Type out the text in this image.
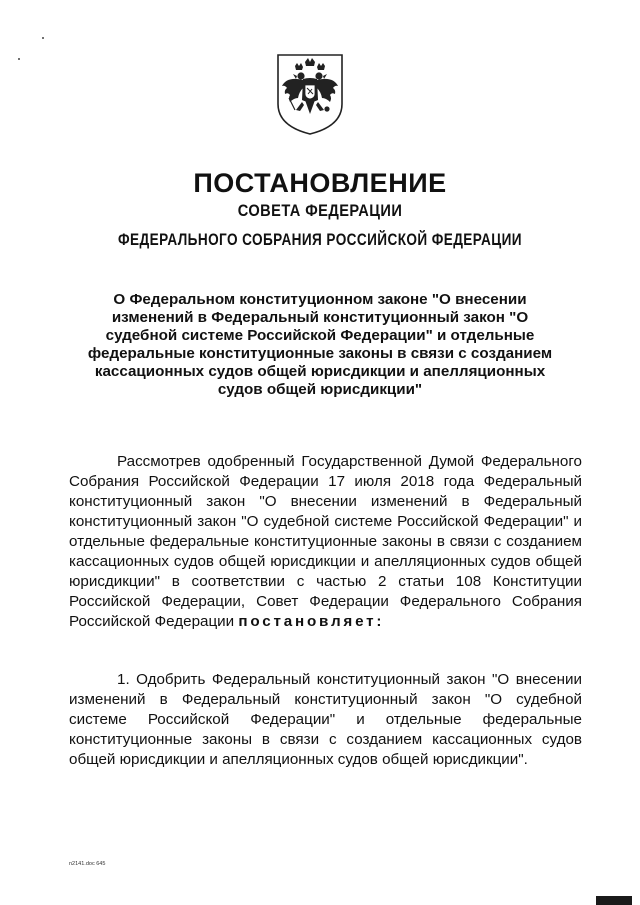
ПОСТАНОВЛЕНИЕ
СОВЕТА ФЕДЕРАЦИИ
ФЕДЕРАЛЬНОГО СОБРАНИЯ РОССИЙСКОЙ ФЕДЕРАЦИИ

О Федеральном конституционном законе "О внесении изменений в Федеральный конституционный закон "О судебной системе Российской Федерации" и отдельные федеральные конституционные законы в связи с созданием кассационных судов общей юрисдикции и апелляционных судов общей юрисдикции"

Рассмотрев одобренный Государственной Думой Федерального Собрания Российской Федерации 17 июля 2018 года Федеральный конституционный закон "О внесении изменений в Федеральный конституционный закон "О судебной системе Российской Федерации" и отдельные федеральные конституционные законы в связи с созданием кассационных судов общей юрисдикции и апелляционных судов общей юрисдикции" в соответствии с частью 2 статьи 108 Конституции Российской Федерации, Совет Федерации Федерального Собрания Российской Федерации постановляет:

1. Одобрить Федеральный конституционный закон "О внесении изменений в Федеральный конституционный закон "О судебной системе Российской Федерации" и отдельные федеральные конституционные законы в связи с созданием кассационных судов общей юрисдикции и апелляционных судов общей юрисдикции".

n2141.doc 645
